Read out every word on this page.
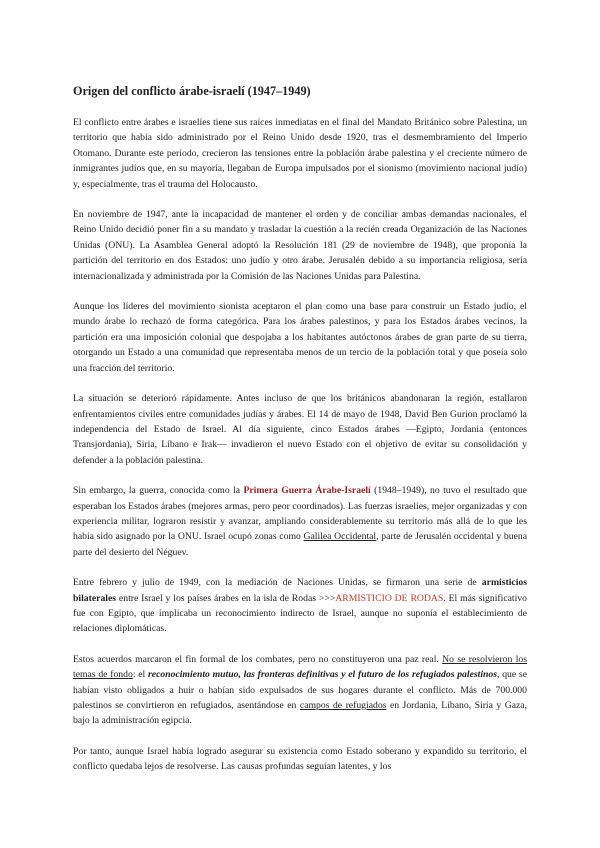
Origen del conflicto árabe-israelí (1947–1949)

El conflicto entre árabes e israelíes tiene sus raíces inmediatas en el final del Mandato Británico sobre Palestina, un territorio que había sido administrado por el Reino Unido desde 1920, tras el desmembramiento del Imperio Otomano. Durante este periodo, crecieron las tensiones entre la población árabe palestina y el creciente número de inmigrantes judíos que, en su mayoría, llegaban de Europa impulsados por el sionismo (movimiento nacional judío) y, especialmente, tras el trauma del Holocausto.

En noviembre de 1947, ante la incapacidad de mantener el orden y de conciliar ambas demandas nacionales, el Reino Unido decidió poner fin a su mandato y trasladar la cuestión a la recién creada Organización de las Naciones Unidas (ONU). La Asamblea General adoptó la Resolución 181 (29 de noviembre de 1948), que proponía la partición del territorio en dos Estados: uno judío y otro árabe. Jerusalén debido a su importancia religiosa, sería internacionalizada y administrada por la Comisión de las Naciones Unidas para Palestina.

Aunque los líderes del movimiento sionista aceptaron el plan como una base para construir un Estado judío, el mundo árabe lo rechazó de forma categórica. Para los árabes palestinos, y para los Estados árabes vecinos, la partición era una imposición colonial que despojaba a los habitantes autóctonos árabes de gran parte de su tierra, otorgando un Estado a una comunidad que representaba menos de un tercio de la población total y que poseía solo una fracción del territorio.

La situación se deterioró rápidamente. Antes incluso de que los británicos abandonaran la región, estallaron enfrentamientos civiles entre comunidades judías y árabes. El 14 de mayo de 1948, David Ben Gurion proclamó la independencia del Estado de Israel. Al día siguiente, cinco Estados árabes —Egipto, Jordania (entonces Transjordania), Siria, Líbano e Irak— invadieron el nuevo Estado con el objetivo de evitar su consolidación y defender a la población palestina.

Sin embargo, la guerra, conocida como la Primera Guerra Árabe-Israelí (1948–1949), no tuvo el resultado que esperaban los Estados árabes (mejores armas, pero peor coordinados). Las fuerzas israelíes, mejor organizadas y con experiencia militar, lograron resistir y avanzar, ampliando considerablemente su territorio más allá de lo que les había sido asignado por la ONU. Israel ocupó zonas como Galilea Occidental, parte de Jerusalén occidental y buena parte del desierto del Néguev.

Entre febrero y julio de 1949, con la mediación de Naciones Unidas, se firmaron una serie de armisticios bilaterales entre Israel y los países árabes en la isla de Rodas >>>ARMISTICIO DE RODAS. El más significativo fue con Egipto, que implicaba un reconocimiento indirecto de Israel, aunque no suponía el establecimiento de relaciones diplomáticas.

Estos acuerdos marcaron el fin formal de los combates, pero no constituyeron una paz real. No se resolvieron los temas de fondo: el reconocimiento mutuo, las fronteras definitivas y el futuro de los refugiados palestinos, que se habían visto obligados a huir o habían sido expulsados de sus hogares durante el conflicto. Más de 700.000 palestinos se convirtieron en refugiados, asentándose en campos de refugiados en Jordania, Líbano, Siria y Gaza, bajo la administración egipcia.

Por tanto, aunque Israel había logrado asegurar su existencia como Estado soberano y expandido su territorio, el conflicto quedaba lejos de resolverse. Las causas profundas seguían latentes, y los
